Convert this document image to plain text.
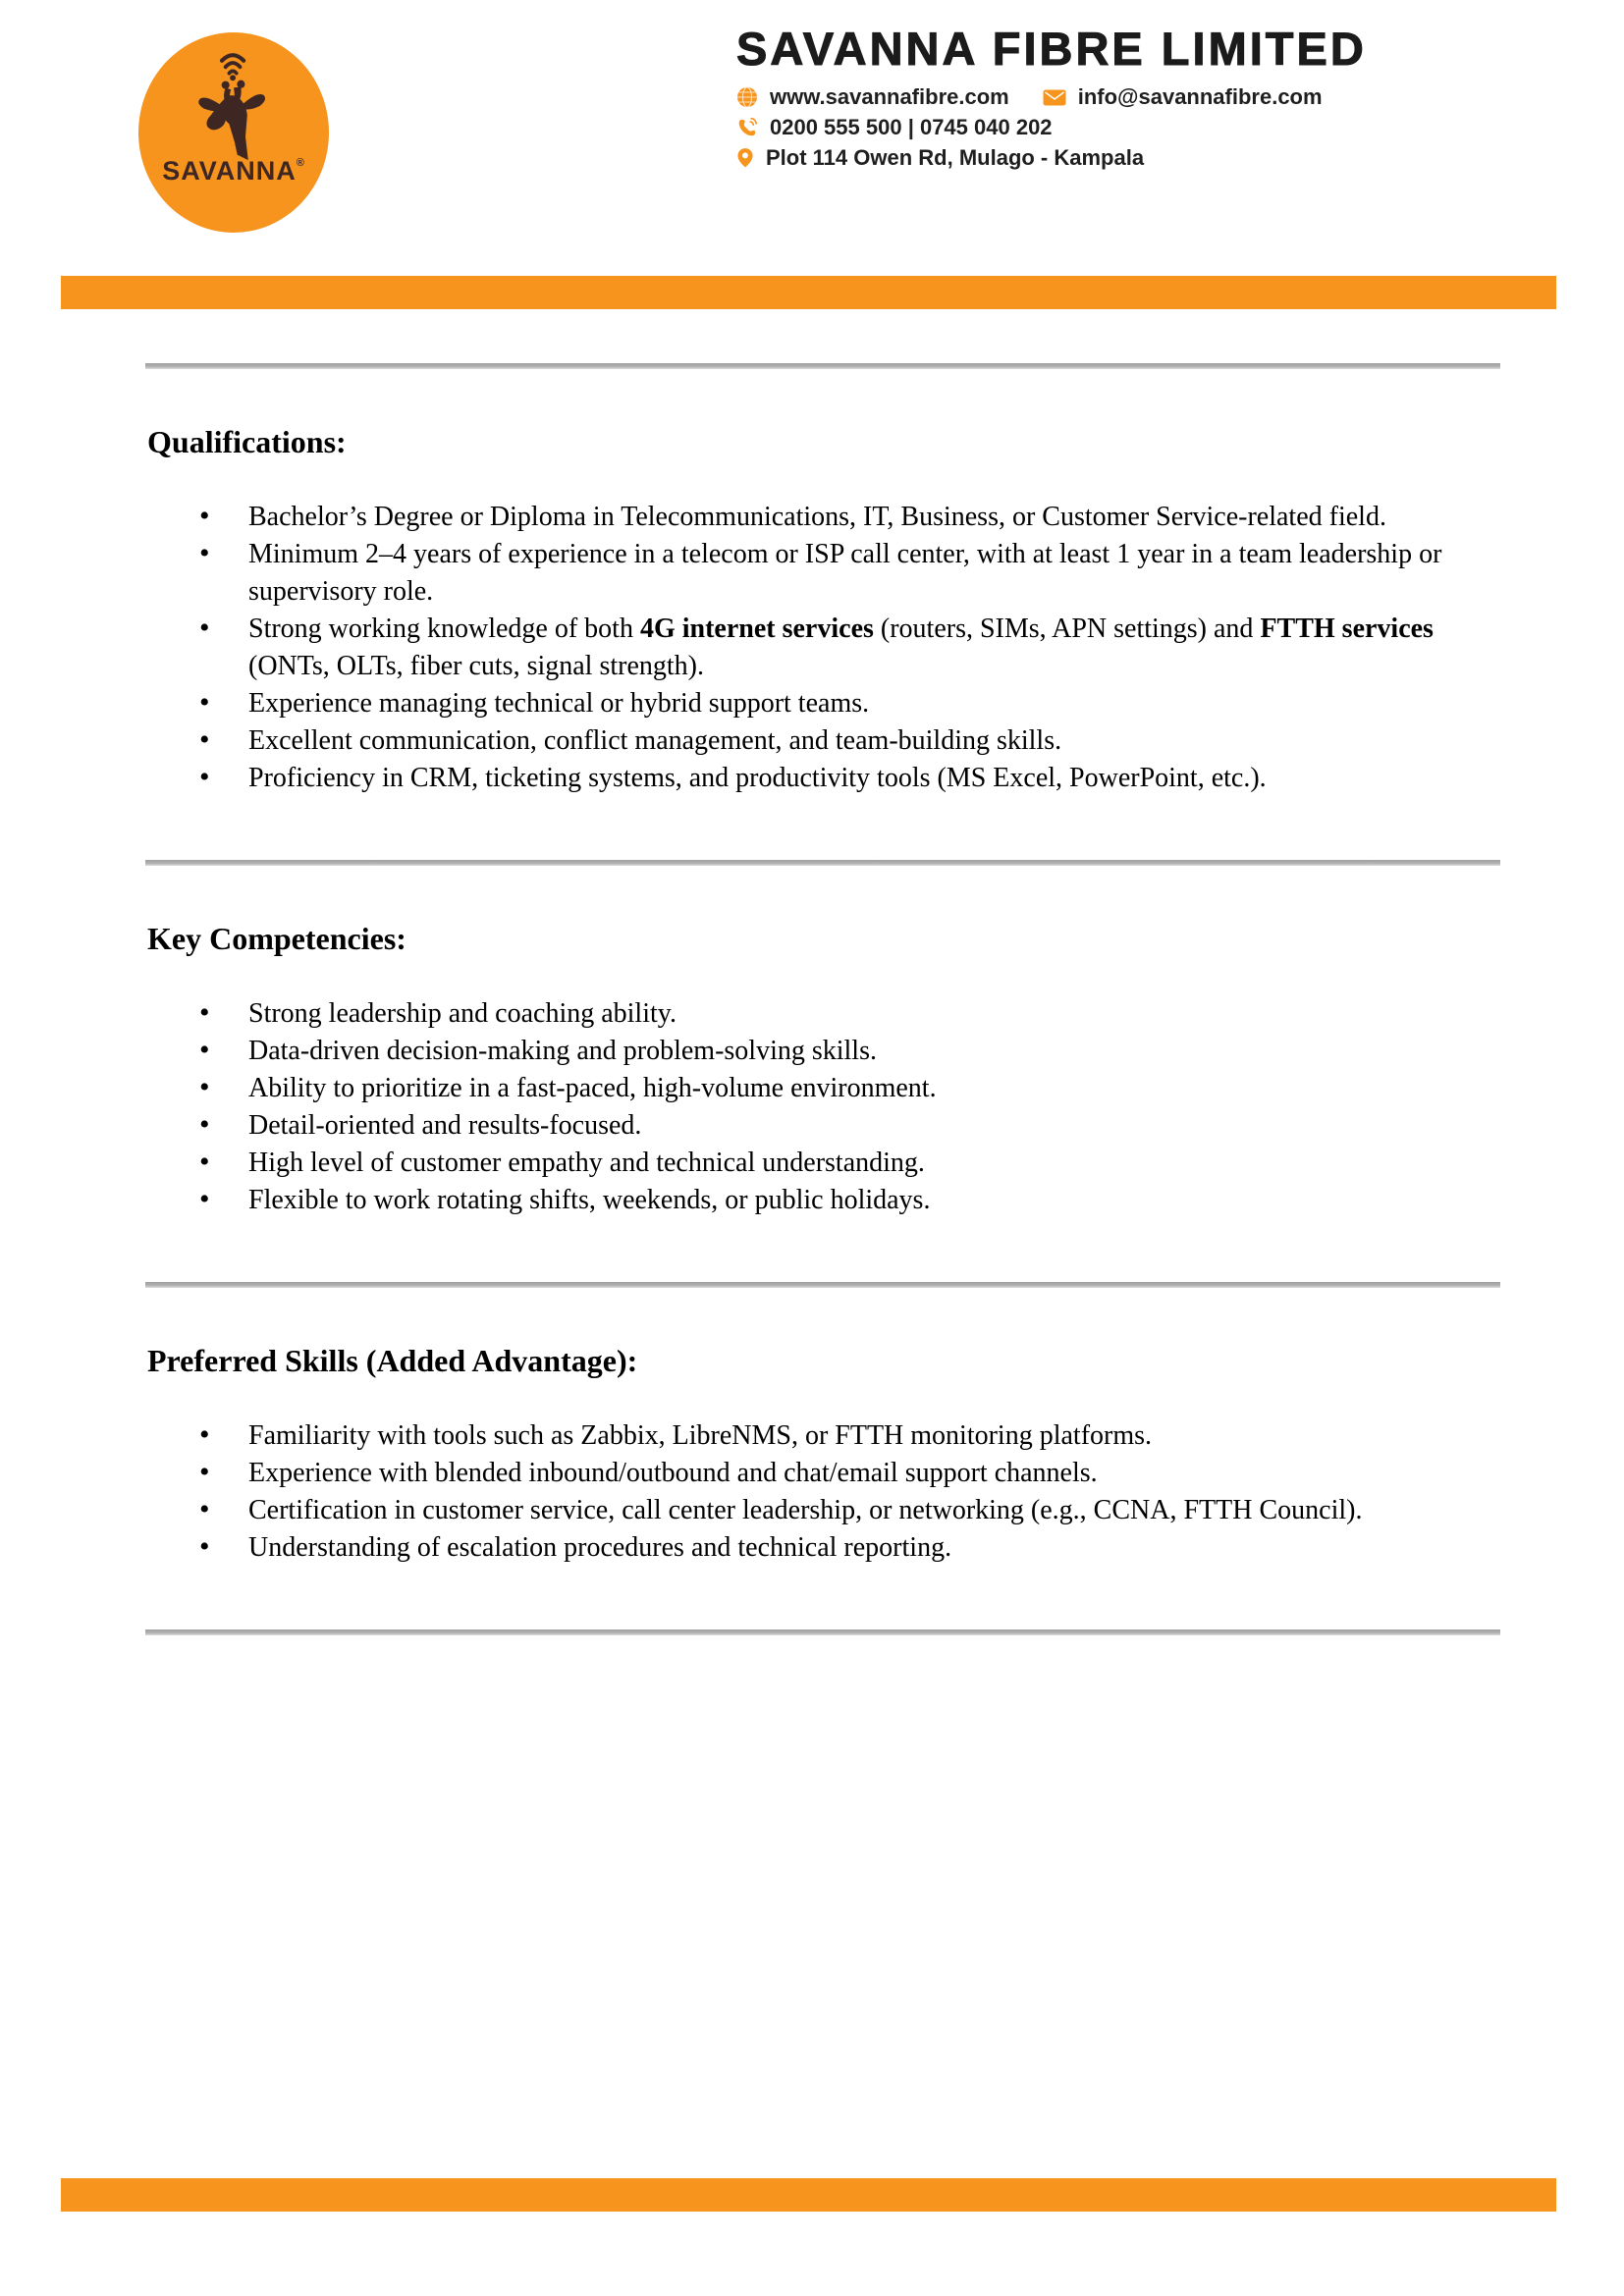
SAVANNA®
SAVANNA FIBRE LIMITED
www.savannafibre.com	info@savannafibre.com
0200 555 500 | 0745 040 202
Plot 114 Owen Rd, Mulago - Kampala
Qualifications:
• Bachelor’s Degree or Diploma in Telecommunications, IT, Business, or Customer Service-related field.
• Minimum 2–4 years of experience in a telecom or ISP call center, with at least 1 year in a team leadership or supervisory role.
• Strong working knowledge of both 4G internet services (routers, SIMs, APN settings) and FTTH services (ONTs, OLTs, fiber cuts, signal strength).
• Experience managing technical or hybrid support teams.
• Excellent communication, conflict management, and team-building skills.
• Proficiency in CRM, ticketing systems, and productivity tools (MS Excel, PowerPoint, etc.).
Key Competencies:
• Strong leadership and coaching ability.
• Data-driven decision-making and problem-solving skills.
• Ability to prioritize in a fast-paced, high-volume environment.
• Detail-oriented and results-focused.
• High level of customer empathy and technical understanding.
• Flexible to work rotating shifts, weekends, or public holidays.
Preferred Skills (Added Advantage):
• Familiarity with tools such as Zabbix, LibreNMS, or FTTH monitoring platforms.
• Experience with blended inbound/outbound and chat/email support channels.
• Certification in customer service, call center leadership, or networking (e.g., CCNA, FTTH Council).
• Understanding of escalation procedures and technical reporting.
